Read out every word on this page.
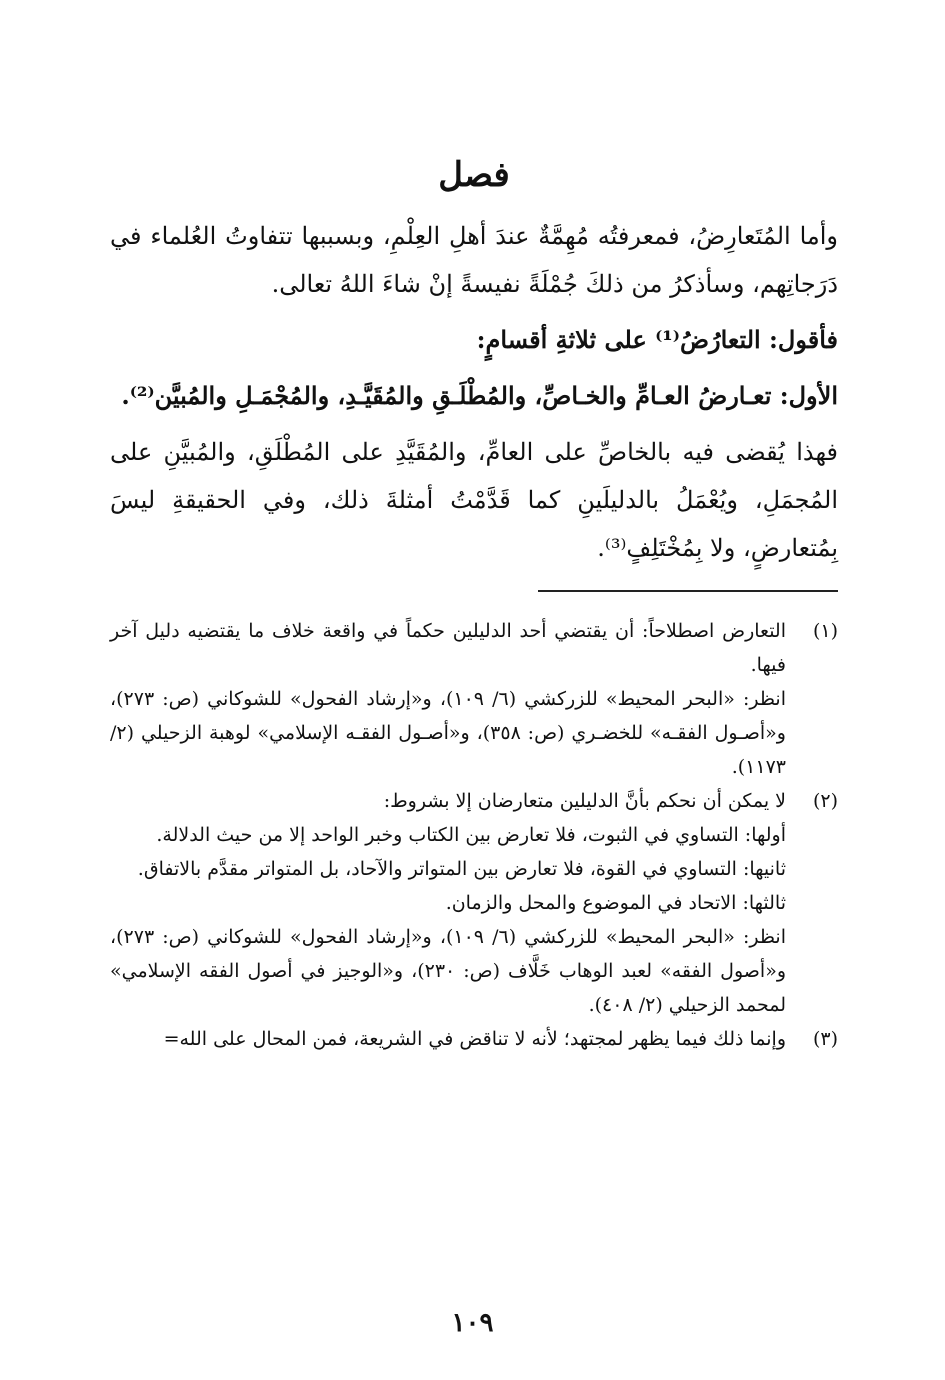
فصل

وأما المُتَعارِضُ، فمعرفتُه مُهِمَّةٌ عندَ أهلِ العِلْمِ، وبسببها تتفاوتُ العُلماء في دَرَجاتِهم، وسأذكرُ من ذلكَ جُمْلَةً نفيسةً إنْ شاءَ اللهُ تعالى.

فأقول: التعارُضُ⁽¹⁾ على ثلاثةِ أقسامٍ:

الأول: تعـارضُ العـامِّ والخـاصِّ، والمُطْلَـقِ والمُقَيَّـدِ، والمُجْمَـلِ والمُبيَّن⁽²⁾.

فهذا يُقضى فيه بالخاصِّ على العامِّ، والمُقَيَّدِ على المُطْلَقِ، والمُبيَّنِ على المُجمَلِ، ويُعْمَلُ بالدليلَينِ كما قَدَّمْتُ أمثلةَ ذلك، وفي الحقيقةِ ليسَ بِمُتعارضٍ، ولا بِمُخْتَلِفٍ⁽³⁾.

(١)

التعارض اصطلاحاً: أن يقتضي أحد الدليلين حكماً في واقعة خلاف ما يقتضيه دليل آخر فيها.

انظر: «البحر المحيط» للزركشي (٦/ ١٠٩)، و«إرشاد الفحول» للشوكاني (ص: ٢٧٣)، و«أصـول الفقـه» للخضـري (ص: ٣٥٨)، و«أصـول الفقـه الإسلامي» لوهبة الزحيلي (٢/ ١١٧٣).

(٢)

لا يمكن أن نحكم بأنَّ الدليلين متعارضان إلا بشروط:

أولها: التساوي في الثبوت، فلا تعارض بين الكتاب وخبر الواحد إلا من حيث الدلالة.

ثانيها: التساوي في القوة، فلا تعارض بين المتواتر والآحاد، بل المتواتر مقدَّم بالاتفاق.

ثالثها: الاتحاد في الموضوع والمحل والزمان.

انظر: «البحر المحيط» للزركشي (٦/ ١٠٩)، و«إرشاد الفحول» للشوكاني (ص: ٢٧٣)، و«أصول الفقه» لعبد الوهاب خَلَّاف (ص: ٢٣٠)، و«الوجيز في أصول الفقه الإسلامي» لمحمد الزحيلي (٢/ ٤٠٨).

(٣)

وإنما ذلك فيما يظهر لمجتهد؛ لأنه لا تناقض في الشريعة، فمن المحال على الله=

١٠٩
